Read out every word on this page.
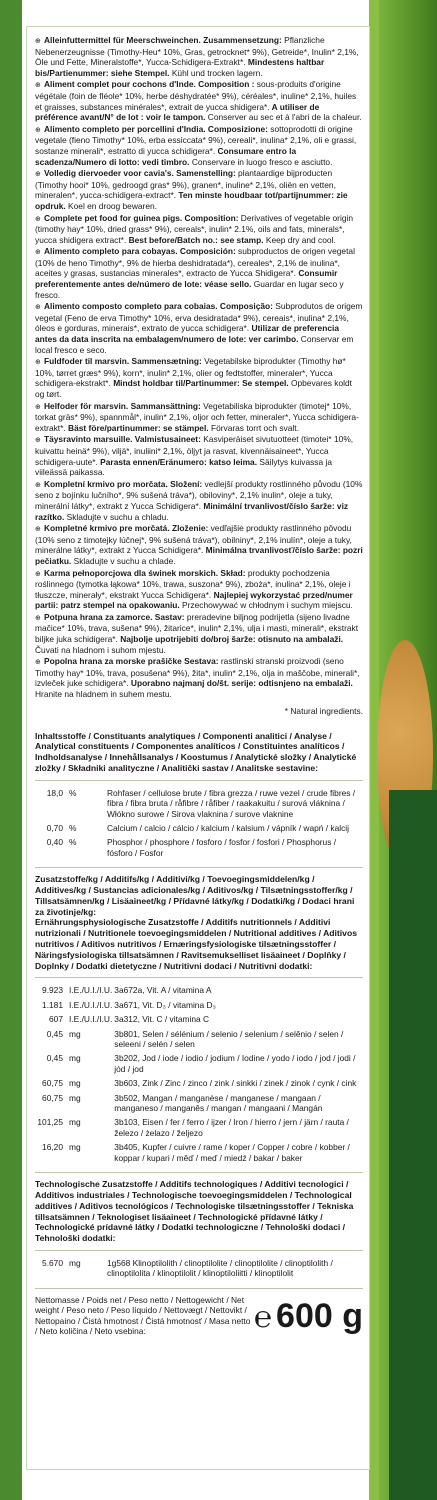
⊕ Alleinfuttermittel für Meerschweinchen. Zusammensetzung: Pflanzliche Nebenerzeugnisse (Timothy-Heu* 10%, Gras, getrocknet* 9%), Getreide*, Inulin* 2,1%, Öle und Fette, Mineralstoffe*, Yucca-Schidigera-Extrakt*. Mindestens haltbar bis/Partienummer: siehe Stempel. Kühl und trocken lagern.
⊕ Aliment complet pour cochons d'Inde. Composition : sous-produits d'origine végétale (foin de fléole* 10%, herbe déshydratée* 9%), céréales*, inuline* 2,1%, huiles et graisses, substances minérales*, extrait de yucca shidigera*. A utiliser de préférence avant/N° de lot : voir le tampon. Conserver au sec et à l'abri de la chaleur.
⊕ Alimento completo per porcellini d'India. Composizione: sottoprodotti di origine vegetale (fieno Timothy* 10%, erba essiccata* 9%), cereali*, inulina* 2,1%, oli e grassi, sostanze minerali*, estratto di yucca schidigera*. Consumare entro la scadenza/Numero di lotto: vedi timbro. Conservare in luogo fresco e asciutto.
⊕ Volledig diervoeder voor cavia's. Samenstelling: plantaardige bijproducten (Timothy hooi* 10%, gedroogd gras* 9%), granen*, inuline* 2,1%, oliën en vetten, mineralen*, yucca-schidigera-extract*. Ten minste houdbaar tot/partijnummer: zie opdruk. Koel en droog bewaren.
⊕ Complete pet food for guinea pigs. Composition: Derivatives of vegetable origin (timothy hay* 10%, dried grass* 9%), cereals*, inulin* 2.1%, oils and fats, minerals*, yucca shidigera extract*. Best before/Batch no.: see stamp. Keep dry and cool.
⊕ Alimento completo para cobayas. Composición: subproductos de origen vegetal (10% de heno Timothy*, 9% de hierba deshidratada*), cereales*, 2,1% de inulina*, aceites y grasas, sustancias minerales*, extracto de Yucca Shidigera*. Consumir preferentemente antes de/número de lote: véase sello. Guardar en lugar seco y fresco.
⊕ Alimento composto completo para cobaias. Composição: Subprodutos de origem vegetal (Feno de erva Timothy* 10%, erva desidratada* 9%), cereais*, inulina* 2,1%, óleos e gorduras, minerais*, extrato de yucca schidigera*. Utilizar de preferencia antes da data inscrita na embalagem/numero de lote: ver carimbo. Conservar em local fresco e seco.
⊕ Fuldfoder til marsvin. Sammensætning: Vegetabilske biprodukter (Timothy hø* 10%, tørret græs* 9%), korn*, inulin* 2,1%, olier og fedtstoffer, mineraler*, Yucca schidigera-ekstrakt*. Mindst holdbar til/Partinummer: Se stempel. Opbevares koldt og tørt.
⊕ Helfoder för marsvin. Sammansättning: Vegetabiliska biprodukter (timotej* 10%, torkat gräs* 9%), spannmål*, inulin* 2,1%, oljor och fetter, mineraler*, Yucca schidigera-extrakt*. Bäst före/partinummer: se stämpel. Förvaras torrt och svalt.
⊕ Täysravinto marsuille. Valmistusaineet: Kasviperäiset sivutuotteet (timotei* 10%, kuivattu heinä* 9%), viljä*, inuliini* 2,1%, öljyt ja rasvat, kivennäisaineet*, Yucca schidigera-uute*. Parasta ennen/Eränumero: katso leima. Säilytys kuivassa ja viileässä paikassa.
⊕ Kompletní krmivo pro morčata. Složení: vedlejší produkty rostlinného původu (10% seno z bojínku lučního*, 9% sušená tráva*), obiloviny*, 2,1% inulin*, oleje a tuky, minerální látky*, extrakt z Yucca Schidigera*. Minimální trvanlivost/číslo šarže: viz razítko. Skladujte v suchu a chladu.
⊕ Kompletné krmivo pre morčatá. Zloženie: vedľajšie produkty rastlinného pôvodu (10% seno z timotejky lúčnej*, 9% sušená tráva*), obilniny*, 2,1% inulín*, oleje a tuky, minerálne látky*, extrakt z Yucca Schidigera*. Minimálna trvanlivosť/číslo šarže: pozri pečiatku. Skladujte v suchu a chlade.
⊕ Karma pełnoporcjowa dla świnek morskich. Skład: produkty pochodzenia roślinnego (tymotka łąkowa* 10%, trawa, suszona* 9%), zboża*, inulina* 2,1%, oleje i tłuszcze, minerały*, ekstrakt Yucca Schidigera*. Najlepiej wykorzystać przed/numer partii: patrz stempel na opakowaniu. Przechowywać w chłodnym i suchym miejscu.
⊕ Potpuna hrana za zamorce. Sastav: preradevine biljnog podrijetla (sijeno livadne mačice* 10%, trava, sušena* 9%), žitarice*, inulin* 2,1%, ulja i masti, minerali*, ekstrakt biljke juka schidigera*. Najbolje upotrijebiti do/broj šarže: otisnuto na ambalaži. Čuvati na hladnom i suhom mjestu.
⊕ Popolna hrana za morske prašičke Sestava: rastlinski stranski proizvodi (seno Timothy hay* 10%, trava, posušena* 9%), žita*, inulin* 2,1%, olja in maščobe, minerali*, izvleček juke schidigera*. Uporabno najmanj do/št. serije: odtisnjeno na embalaži. Hranite na hladnem in suhem mestu.
* Natural ingredients.
Inhaltsstoffe / Constituants analytiques / Componenti analitici / Analyse / Analytical constituents / Componentes analíticos / Constituintes analíticos / Indholdsanalyse / Innehållsanalys / Koostumus / Analytické složky / Analytické zložky / Składniki analityczne / Analitički sastav / Analitske sestavine:
18,0	%	Rohfaser / cellulose brute / fibra grezza / ruwe vezel / crude fibres / fibra / fibra bruta / råfibre / råfiber / raakakuitu / surová vláknina / Włókno surowe / Sirova vlaknina / surove vlaknine
0,70	%	Calcium / calcio / cálcio / kalcium / kalsium / vápník / wapń / kalcij
0,40	%	Phosphor / phosphore / fosforo / fosfor / fosfori / Phosphorus / fósforo / Fosfor
Zusatzstoffe/kg / Additifs/kg / Additivi/kg / Toevoegingsmiddelen/kg / Additives/kg / Sustancias adicionales/kg / Aditivos/kg / Tilsætningsstoffer/kg / Tillsatsämnen/kg / Lisäaineet/kg / Přídavné látky/kg / Dodatki/kg / Dodaci hrani za životinje/kg:
Ernährungsphysiologische Zusatzstoffe / Additifs nutritionnels / Additivi nutrizionali / Nutritionele toevoegingsmiddelen / Nutritional additives / Aditivos nutritivos / Aditivos nutritivos / Ernæringsfysiologiske tilsætningsstoffer / Näringsfysiologiska tillsatsämnen / Ravitsemukselliset lisäaineet / Doplňky / Doplnky / Dodatki dietetyczne / Nutritivni dodaci / Nutritivni dodatki:
9.923	I.E./U.I./I.U.	3a672a, Vit. A / vitamina A
1.181	I.E./U.I./I.U.	3a671, Vit. D₃ / vitamina D₃
607	I.E./U.I./I.U.	3a312, Vit. C / vitamina C
0,45	mg	3b801, Selen / sélénium / selenio / selenium / selênio / selen / seleeni / selén / selen
0,45	mg	3b202, Jod / iode / iodio / jodium / Iodine / yodo / iodo / jod / jodi / jód / jod
60,75	mg	3b603, Zink / Zinc / zinco / zink / sinkki / zinek / zinok / cynk / cink
60,75	mg	3b502, Mangan / manganèse / manganese / mangaan / manganeso / manganês / mangan / mangaani / Mangán
101,25	mg	3b103, Eisen / fer / ferro / ijzer / Iron / hierro / jern / järn / rauta / železo / żelazo / željezo
16,20	mg	3b405, Kupfer / cuivre / rame / koper / Copper / cobre / kobber / koppar / kupari / měď / meď / miedź / bakar / baker
Technologische Zusatzstoffe / Additifs technologiques / Additivi tecnologici / Additivos industriales / Technologische toevoegingsmiddelen / Technological additives / Aditivos tecnológicos / Technologiske tilsætningsstoffer / Tekniska tillsatsämnen / Teknologiset lisäaineet / Technologické přídavné látky / Technologické prídavné látky / Dodatki technologiczne / Tehnološki dodaci / Tehnološki dodatki:
5.670	mg	1g568 Klinoptilolith / clinoptilolite / clinoptilolite / clinoptilolith / clinoptilolita / klinoptilolit / klinoptiloliitti / klinoptilolit
Nettomasse / Poids net / Peso netto / Nettogewicht / Net weight / Peso neto / Peso líquido / Nettovægt / Nettovikt / Nettopaino / Čistá hmotnost / Čistá hmotnosť / Masa netto / Neto količina / Neto vsebina:	℮ 600 g
